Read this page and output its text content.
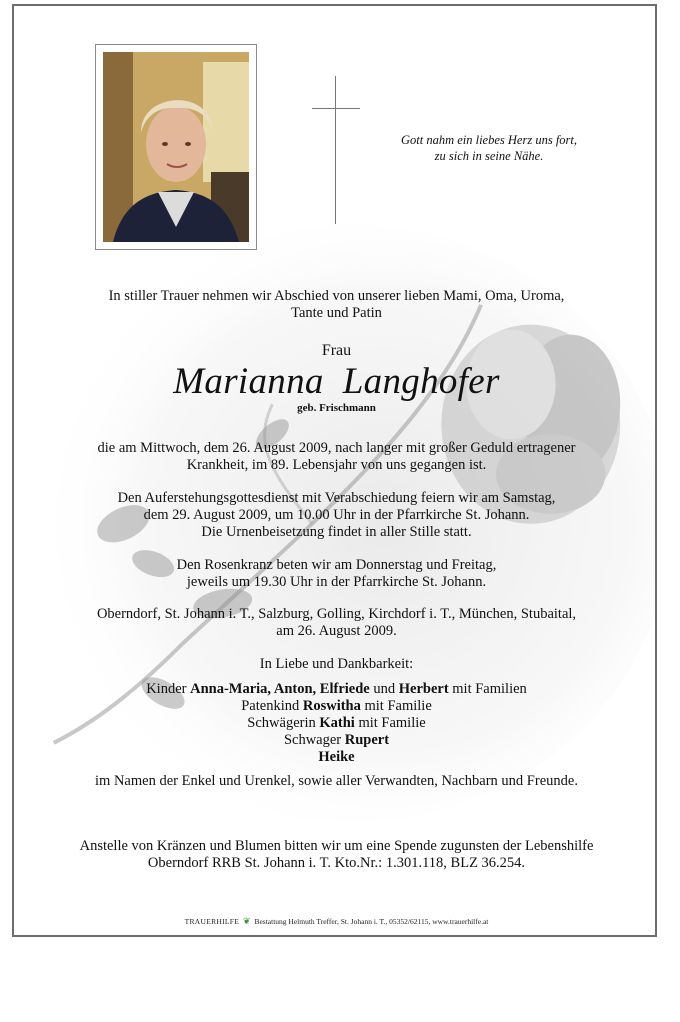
Gott nahm ein liebes Herz uns fort,
zu sich in seine Nähe.
In stiller Trauer nehmen wir Abschied von unserer lieben Mami, Oma, Uroma,
Tante und Patin
Frau
Marianna  Langhofer
geb. Frischmann
die am Mittwoch, dem 26. August 2009, nach langer mit großer Geduld ertragener
Krankheit, im 89. Lebensjahr von uns gegangen ist.
Den Auferstehungsgottesdienst mit Verabschiedung feiern wir am Samstag,
dem 29. August 2009, um 10.00 Uhr in der Pfarrkirche St. Johann.
Die Urnenbeisetzung findet in aller Stille statt.
Den Rosenkranz beten wir am Donnerstag und Freitag,
jeweils um 19.30 Uhr in der Pfarrkirche St. Johann.
Oberndorf, St. Johann i. T., Salzburg, Golling, Kirchdorf i. T., München, Stubaital,
am 26. August 2009.
In Liebe und Dankbarkeit:
Kinder Anna-Maria, Anton, Elfriede und Herbert mit Familien
Patenkind Roswitha mit Familie
Schwägerin Kathi mit Familie
Schwager Rupert
Heike
im Namen der Enkel und Urenkel, sowie aller Verwandten, Nachbarn und Freunde.
Anstelle von Kränzen und Blumen bitten wir um eine Spende zugunsten der Lebenshilfe
Oberndorf RRB St. Johann i. T. Kto.Nr.: 1.301.118, BLZ 36.254.
TRAUERHILFE ❦ Bestattung Helmuth Treffer, St. Johann i. T., 05352/62115, www.trauerhilfe.at
